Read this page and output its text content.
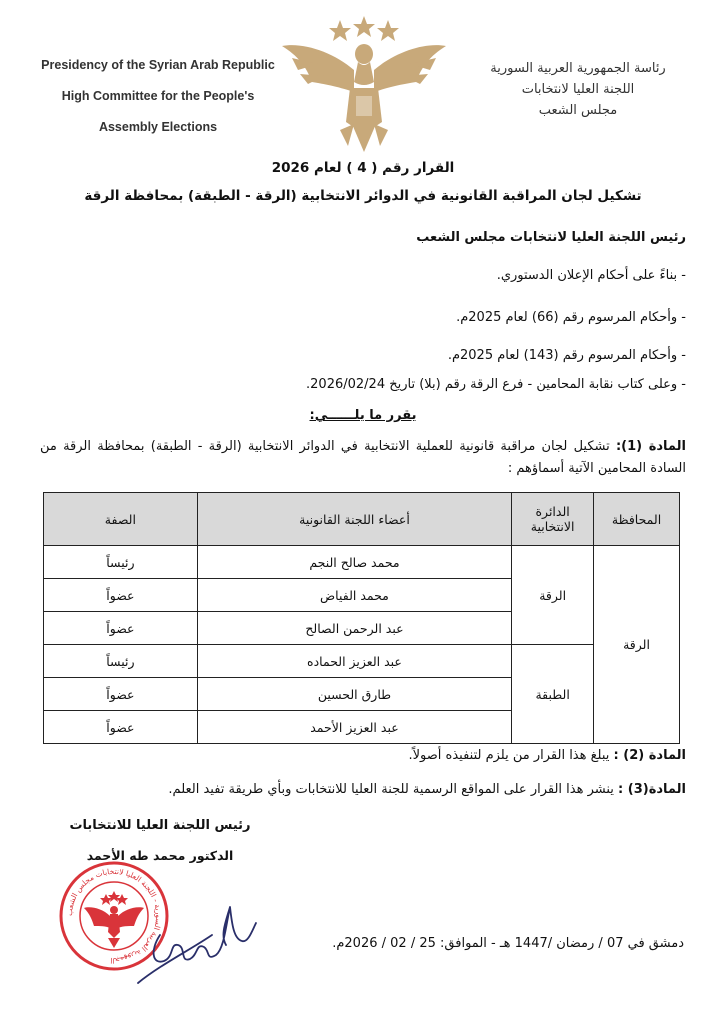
Presidency of the Syrian Arab Republic
High Committee for the People's
Assembly Elections
رئاسة الجمهورية العربية السورية
اللجنة العليا لانتخابات
مجلس الشعب
القرار رقم ( 4 ) لعام 2026
تشكيل لجان المراقبة القانونية في الدوائر الانتخابية (الرقة - الطبقة) بمحافظة الرقة
رئيس اللجنة العليا لانتخابات مجلس الشعب
- بناءً على أحكام الإعلان الدستوري.
- وأحكام المرسوم رقم (66) لعام 2025م.
- وأحكام المرسوم رقم (143) لعام 2025م.
- وعلى كتاب نقابة المحامين - فرع الرقة رقم (بلا) تاريخ 2026/02/24.
يقرر ما يلــــــي:
المادة (1): تشكيل لجان مراقبة قانونية للعملية الانتخابية في الدوائر الانتخابية (الرقة - الطبقة) بمحافظة الرقة من السادة المحامين الآتية أسماؤهم :
المحافظة	الدائرة الانتخابية	أعضاء اللجنة القانونية	الصفة
الرقة	الرقة	محمد صالح النجم	رئيساً
		محمد الفياض	عضواً
		عبد الرحمن الصالح	عضواً
	الطبقة	عبد العزيز الحماده	رئيساً
		طارق الحسين	عضواً
		عبد العزيز الأحمد	عضواً
المادة (2) : يبلغ هذا القرار من يلزم لتنفيذه أصولاً.
المادة(3) : ينشر هذا القرار على المواقع الرسمية للجنة العليا للانتخابات وبأي طريقة تفيد العلم.
رئيس اللجنة العليا للانتخابات
الدكتور محمد طه الأحمد
الجمهورية العربية السورية - اللجنة العليا لانتخابات مجلس الشعب
دمشق في 07 / رمضان /1447 هـ - الموافق: 25 / 02 / 2026م.
